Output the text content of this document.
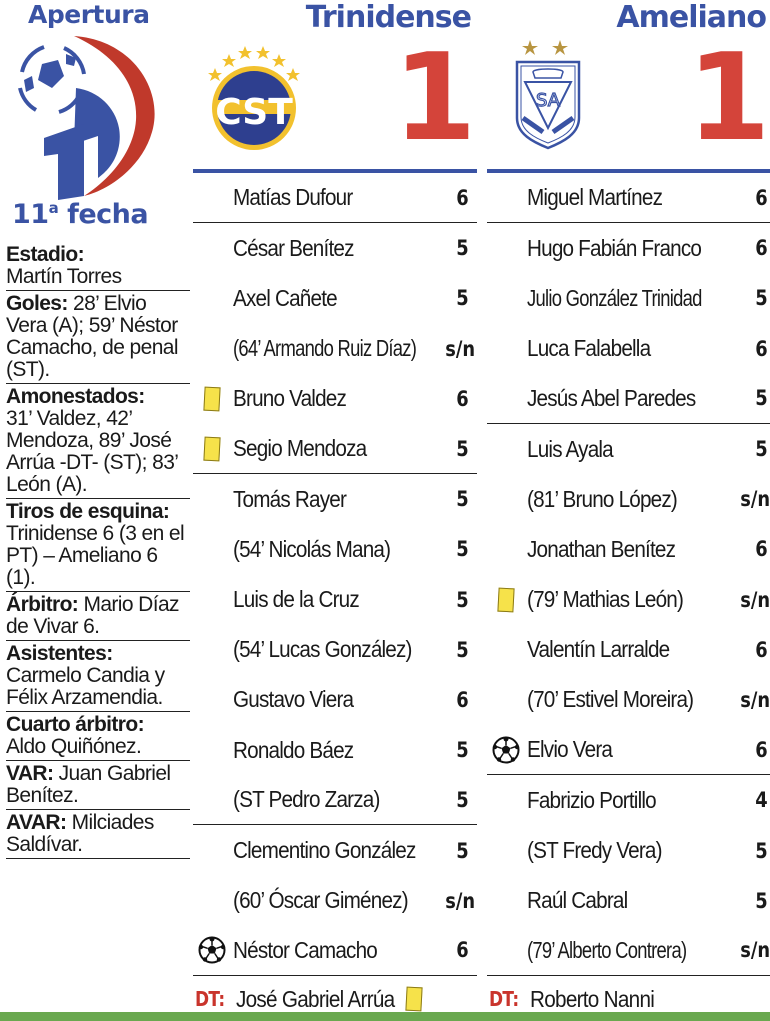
Apertura
11$^a$ fecha
Estadio:
Martín Torres
Goles: 28’ Elvio Vera (A); 59’ Néstor Camacho, de penal (ST).
Amonestados:
31’ Valdez, 42’ Mendoza, 89’ José Arrúa -DT- (ST); 83’ León (A).
Tiros de esquina:
Trinidense 6 (3 en el PT) – Ameliano 6 (1).
Árbitro: Mario Díaz de Vivar 6.
Asistentes:
Carmelo Candia y Félix Arzamendia.
Cuarto árbitro:
Aldo Quiñónez.
VAR: Juan Gabriel Benítez.
AVAR: Milciades Saldívar.
Trinidense
CST 1
Matías Dufour	6
César Benítez	5
Axel Cañete	5
(64’ Armando Ruiz Díaz) s/n
Bruno Valdez	6
Segio Mendoza	5
Tomás Rayer	5
(54’ Nicolás Mana)	5
Luis de la Cruz	5
(54’ Lucas González) 5
Gustavo Viera	6
Ronaldo Báez	5
(ST Pedro Zarza)	5
Clementino González 5
(60’ Óscar Giménez) s/n
Néstor Camacho	6
DT: José Gabriel Arrúa
Ameliano
SA 1
Miguel Martínez	6
Hugo Fabián Franco	6
Julio González Trinidad	5
Luca Falabella	6
Jesús Abel Paredes	5
Luis Ayala	5
(81’ Bruno López)	s/n
Jonathan Benítez	6
(79’ Mathias León)	s/n
Valentín Larralde	6
(70’ Estivel Moreira) s/n
Elvio Vera	6
Fabrizio Portillo	4
(ST Fredy Vera)	5
Raúl Cabral	5
(79’ Alberto Contrera)	s/n
DT: Roberto Nanni
